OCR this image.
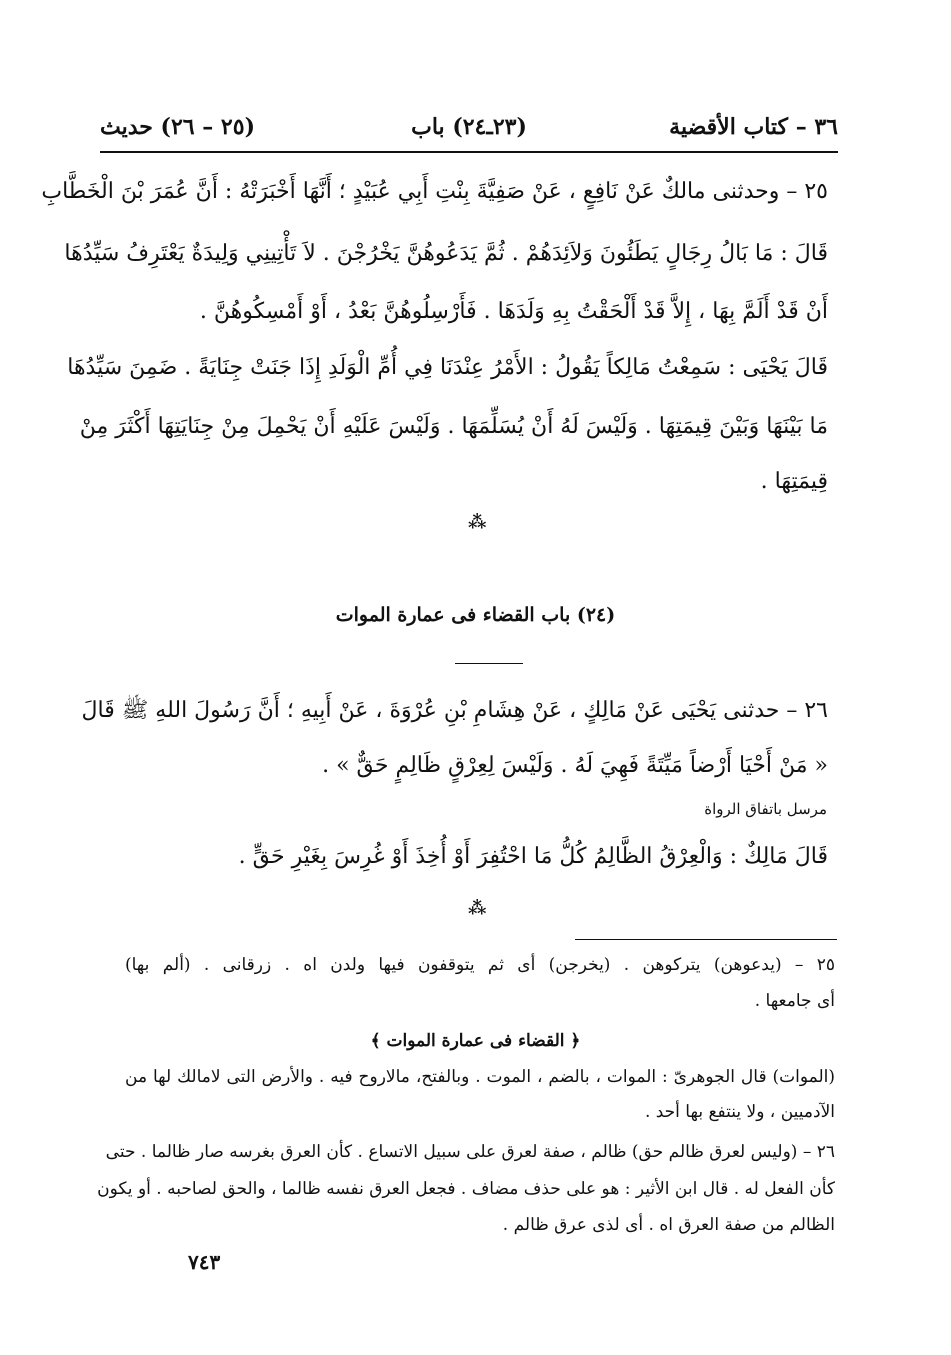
٣٦ – كتاب الأقضية
(٢٣ـ٢٤) باب
(٢٥ – ٢٦) حديث
٢٥ – وحدثنى مالكٌ عَنْ نَافِعٍ ، عَنْ صَفِيَّةَ بِنْتِ أَبِي عُبَيْدٍ ؛ أَنَّهَا أَخْبَرَتْهُ : أَنَّ عُمَرَ بْنَ الْخَطَّابِ
قَالَ : مَا بَالُ رِجَالٍ يَطَئُونَ وَلاَئِدَهُمْ . ثُمَّ يَدَعُوهُنَّ يَخْرُجْنَ . لاَ تَأْتِينِي وَلِيدَةٌ يَعْتَرِفُ سَيِّدُهَا
أَنْ قَدْ أَلَمَّ بِهَا ، إِلاَّ قَدْ أَلْحَقْتُ بِهِ وَلَدَهَا . فَأَرْسِلُوهُنَّ بَعْدُ ، أَوْ أَمْسِكُوهُنَّ .
قَالَ يَحْيَى : سَمِعْتُ مَالِكاً يَقُولُ : الأَمْرُ عِنْدَنَا فِي أُمِّ الْوَلَدِ إِذَا جَنَتْ جِنَايَةً . ضَمِنَ سَيِّدُهَا
مَا بَيْنَهَا وَبَيْنَ قِيمَتِهَا . وَلَيْسَ لَهُ أَنْ يُسَلِّمَهَا . وَلَيْسَ عَلَيْهِ أَنْ يَحْمِلَ مِنْ جِنَايَتِهَا أَكْثَرَ مِنْ
قِيمَتِهَا .
⁂
(٢٤) باب القضاء فى عمارة الموات
٢٦ – حدثنى يَحْيَى عَنْ مَالِكٍ ، عَنْ هِشَامِ بْنِ عُرْوَةَ ، عَنْ أَبِيهِ ؛ أَنَّ رَسُولَ اللهِ ﷺ قَالَ
« مَنْ أَحْيَا أَرْضاً مَيِّتَةً فَهِيَ لَهُ . وَلَيْسَ لِعِرْقٍ ظَالِمٍ حَقٌّ » .
مرسل باتفاق الرواة
قَالَ مَالِكٌ : وَالْعِرْقُ الظَّالِمُ كُلُّ مَا احْتُفِرَ أَوْ أُخِذَ أَوْ غُرِسَ بِغَيْرِ حَقٍّ .
⁂
٢٥ – (يدعوهن) يتركوهن . (يخرجن) أى ثم يتوقفون فيها ولدن اه . زرقانى . (ألم بها)
أى جامعها .
﴿ القضاء فى عمارة الموات ﴾
(الموات) قال الجوهرىّ : الموات ، بالضم ، الموت . وبالفتح، مالاروح فيه . والأرض التى لامالك لها من
الآدميين ، ولا ينتفع بها أحد .
٢٦ – (وليس لعرق ظالم حق) ظالم ، صفة لعرق على سبيل الاتساع . كأن العرق بغرسه صار ظالما . حتى
كأن الفعل له . قال ابن الأثير : هو على حذف مضاف . فجعل العرق نفسه ظالما ، والحق لصاحبه . أو يكون
الظالم من صفة العرق اه . أى لذى عرق ظالم .
٧٤٣
